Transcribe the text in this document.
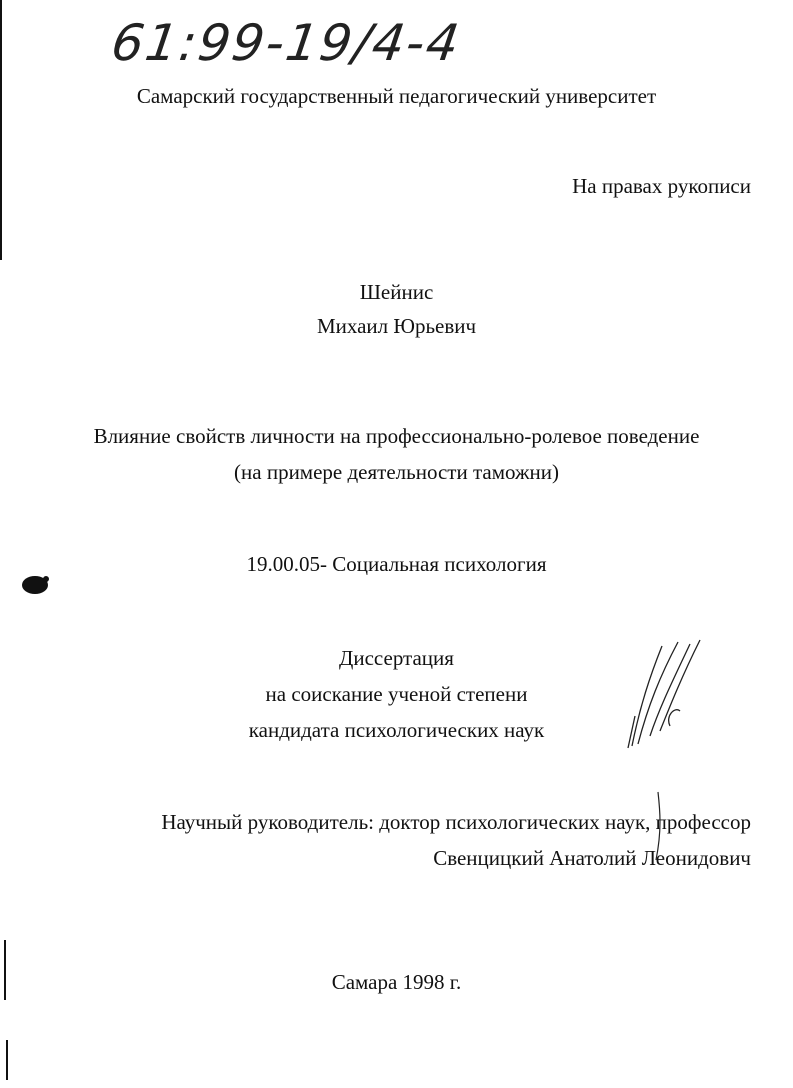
61:99-19/4-4
Самарский государственный педагогический университет
На правах рукописи
Шейнис
Михаил Юрьевич
Влияние свойств личности на профессионально-ролевое поведение
(на примере деятельности таможни)
19.00.05- Социальная психология
Диссертация
на соискание ученой степени
кандидата психологических наук
Научный руководитель: доктор психологических наук, профессор
Свенцицкий Анатолий Леонидович
Самара 1998 г.
